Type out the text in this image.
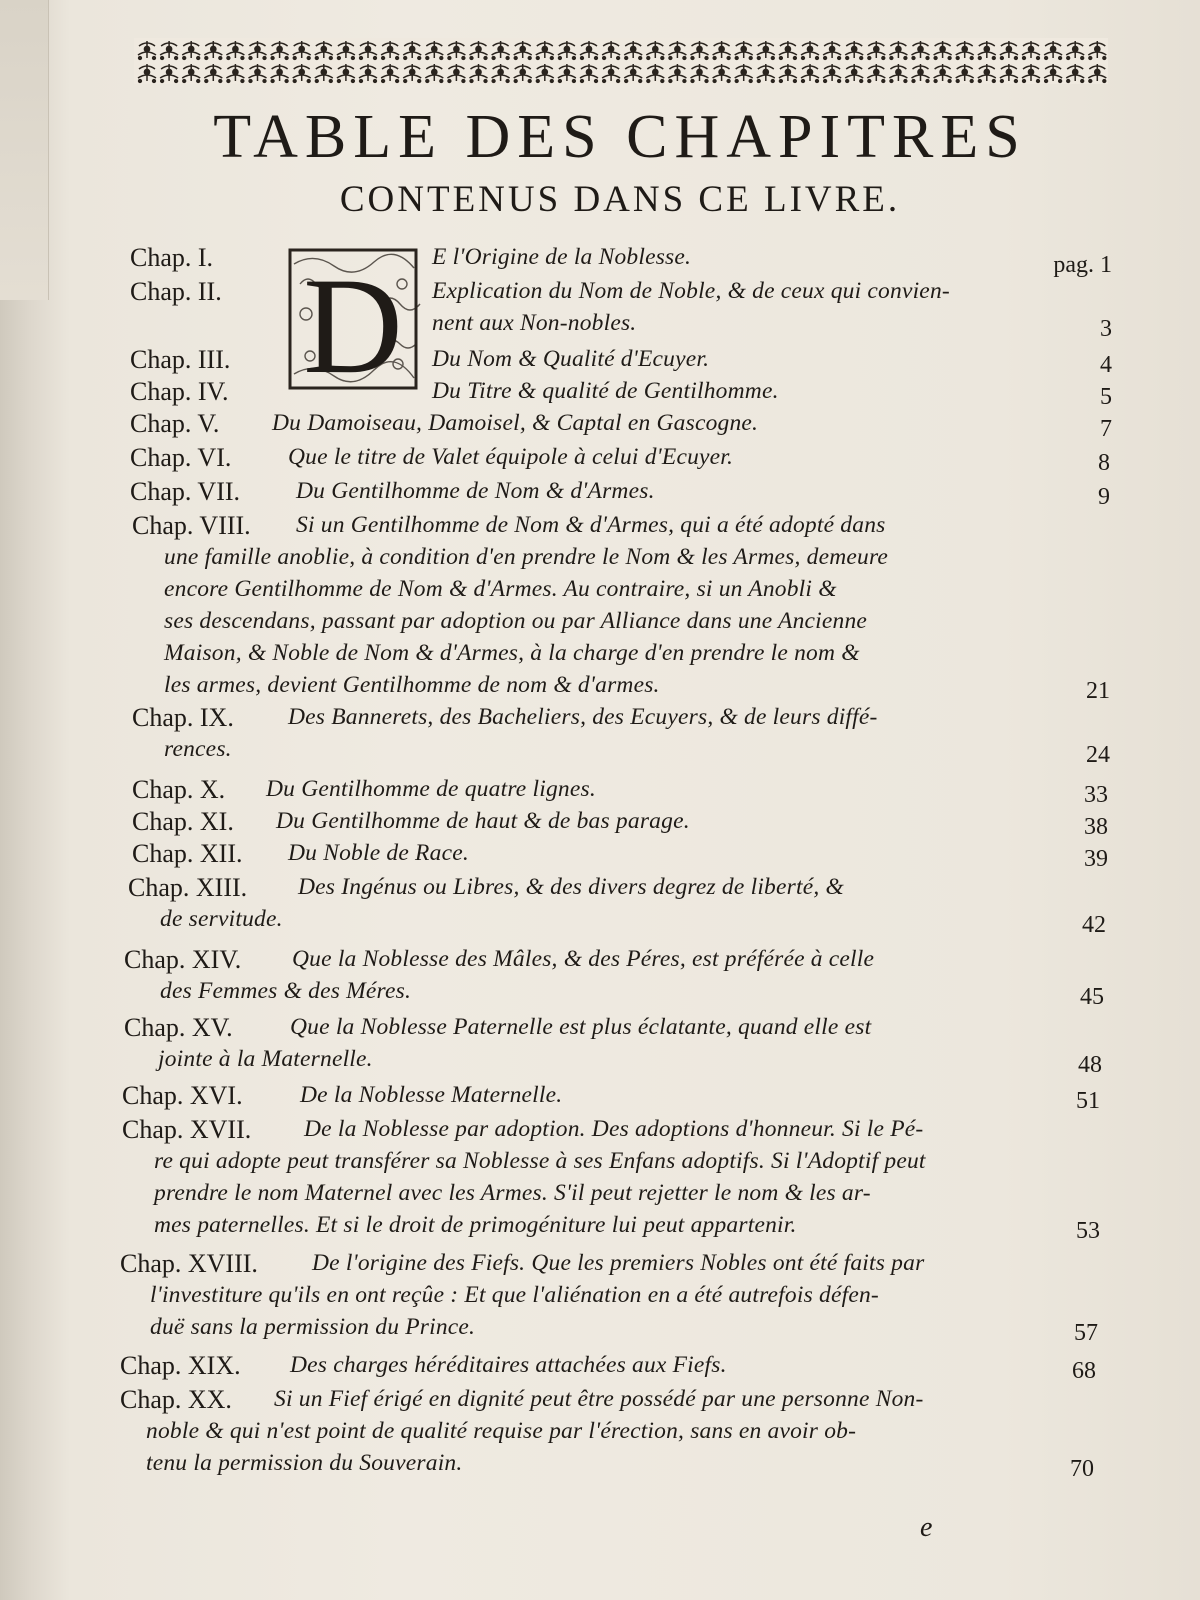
TABLE DES CHAPITRES
CONTENUS DANS CE LIVRE.
D
Chap. I.	E l'Origine de la Noblesse.	pag. 1
Chap. II.	Explication du Nom de Noble, & de ceux qui convien-
nent aux Non-nobles.	3
Chap. III.	Du Nom & Qualité d'Ecuyer.	4
Chap. IV.	Du Titre & qualité de Gentilhomme.	5
Chap. V. Du Damoiseau, Damoisel, & Captal en Gascogne.	7
Chap. VI. Que le titre de Valet équipole à celui d'Ecuyer.	8
Chap. VII. Du Gentilhomme de Nom & d'Armes.	9
Chap. VIII. Si un Gentilhomme de Nom & d'Armes, qui a été adopté dans
une famille anoblie, à condition d'en prendre le Nom & les Armes, demeure
encore Gentilhomme de Nom & d'Armes. Au contraire, si un Anobli &
ses descendans, passant par adoption ou par Alliance dans une Ancienne
Maison, & Noble de Nom & d'Armes, à la charge d'en prendre le nom &
les armes, devient Gentilhomme de nom & d'armes.	21
Chap. IX. Des Bannerets, des Bacheliers, des Ecuyers, & de leurs diffé-
rences.	24
Chap. X. Du Gentilhomme de quatre lignes.	33
Chap. XI. Du Gentilhomme de haut & de bas parage.	38
Chap. XII. Du Noble de Race.	39
Chap. XIII. Des Ingénus ou Libres, & des divers degrez de liberté, &
de servitude.	42
Chap. XIV. Que la Noblesse des Mâles, & des Péres, est préférée à celle
des Femmes & des Méres.	45
Chap. XV. Que la Noblesse Paternelle est plus éclatante, quand elle est
jointe à la Maternelle.	48
Chap. XVI. De la Noblesse Maternelle.	51
Chap. XVII. De la Noblesse par adoption. Des adoptions d'honneur. Si le Pé-
re qui adopte peut transférer sa Noblesse à ses Enfans adoptifs. Si l'Adoptif peut
prendre le nom Maternel avec les Armes. S'il peut rejetter le nom & les ar-
mes paternelles. Et si le droit de primogéniture lui peut appartenir.	53
Chap. XVIII. De l'origine des Fiefs. Que les premiers Nobles ont été faits par
l'investiture qu'ils en ont reçûe : Et que l'aliénation en a été autrefois défen-
duë sans la permission du Prince.	57
Chap. XIX. Des charges héréditaires attachées aux Fiefs.	68
Chap. XX. Si un Fief érigé en dignité peut être possédé par une personne Non-
noble & qui n'est point de qualité requise par l'érection, sans en avoir ob-
tenu la permission du Souverain.	70
e
